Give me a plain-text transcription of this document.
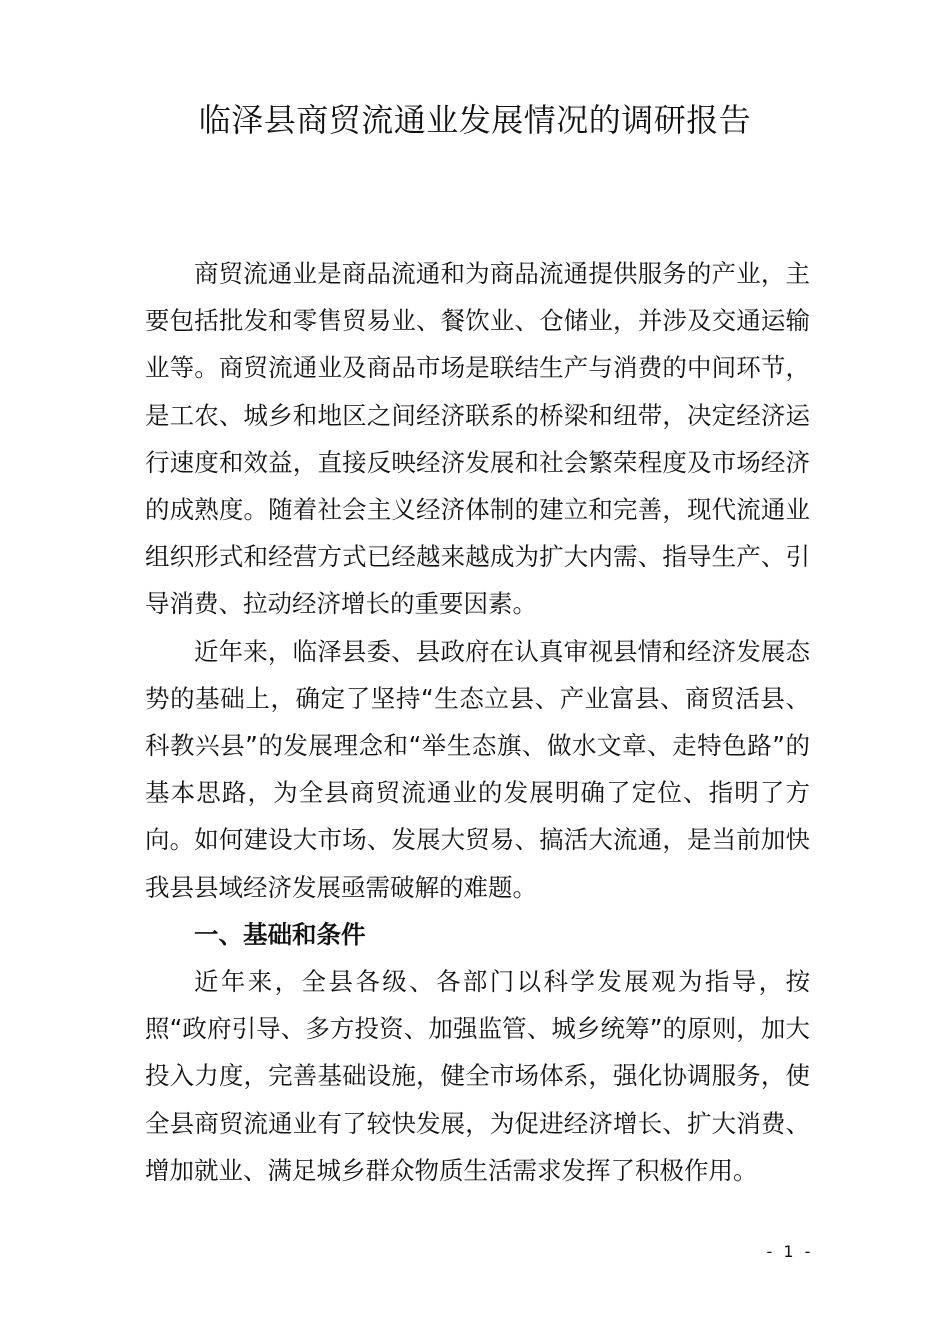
临泽县商贸流通业发展情况的调研报告

商贸流通业是商品流通和为商品流通提供服务的产业，主要包括批发和零售贸易业、餐饮业、仓储业，并涉及交通运输业等。商贸流通业及商品市场是联结生产与消费的中间环节，是工农、城乡和地区之间经济联系的桥梁和纽带，决定经济运行速度和效益，直接反映经济发展和社会繁荣程度及市场经济的成熟度。随着社会主义经济体制的建立和完善，现代流通业组织形式和经营方式已经越来越成为扩大内需、指导生产、引导消费、拉动经济增长的重要因素。

近年来，临泽县委、县政府在认真审视县情和经济发展态势的基础上，确定了坚持“生态立县、产业富县、商贸活县、科教兴县”的发展理念和“举生态旗、做水文章、走特色路”的基本思路，为全县商贸流通业的发展明确了定位、指明了方向。如何建设大市场、发展大贸易、搞活大流通，是当前加快我县县域经济发展亟需破解的难题。

一、基础和条件

近年来，全县各级、各部门以科学发展观为指导，按照“政府引导、多方投资、加强监管、城乡统筹”的原则，加大投入力度，完善基础设施，健全市场体系，强化协调服务，使全县商贸流通业有了较快发展，为促进经济增长、扩大消费、增加就业、满足城乡群众物质生活需求发挥了积极作用。

- 1 -
